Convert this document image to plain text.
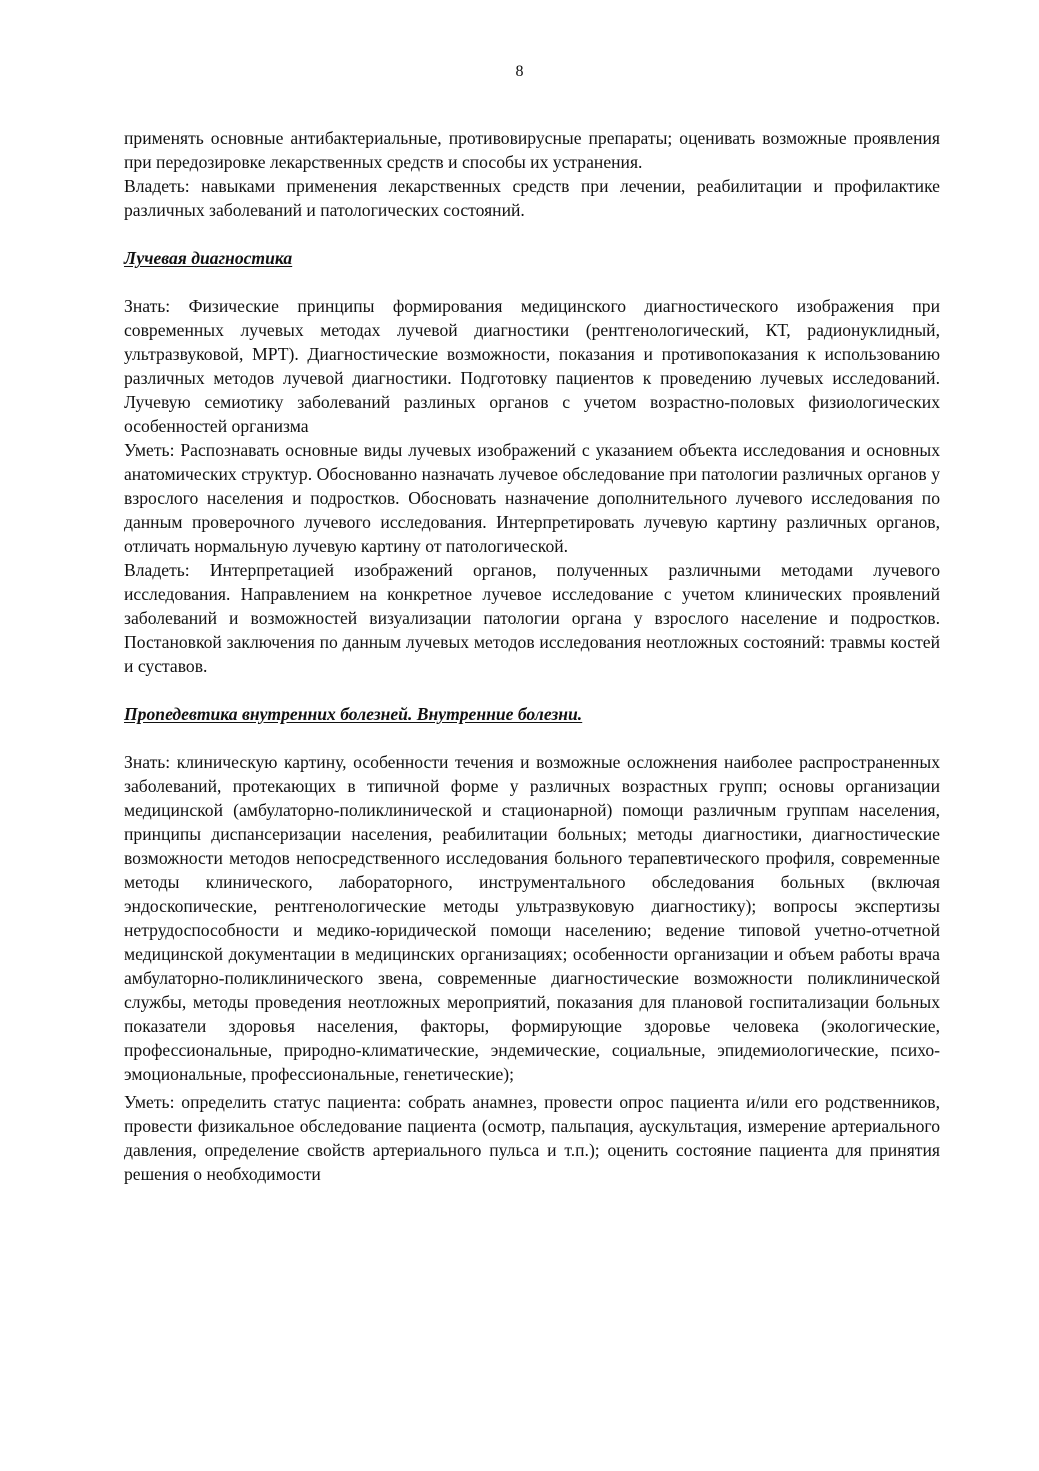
8

применять основные антибактериальные, противовирусные препараты; оценивать возможные проявления при передозировке лекарственных средств и способы их устранения.

Владеть: навыками применения лекарственных средств при лечении, реабилитации и профилактике различных заболеваний и патологических состояний.

Лучевая диагностика

Знать: Физические принципы формирования медицинского диагностического изображения при современных лучевых методах лучевой диагностики (рентгенологический, КТ, радионуклидный, ультразвуковой, МРТ). Диагностические возможности, показания и противопоказания к использованию различных методов лучевой диагностики. Подготовку пациентов к проведению лучевых исследований. Лучевую семиотику заболеваний разлиных органов с учетом возрастно-половых физиологических особенностей организма

Уметь: Распознавать основные виды лучевых изображений с указанием объекта исследования и основных анатомических структур. Обоснованно назначать лучевое обследование при патологии различных органов у взрослого населения и подростков. Обосновать назначение дополнительного лучевого исследования по данным проверочного лучевого исследования. Интерпретировать лучевую картину различных органов, отличать нормальную лучевую картину от патологической.

Владеть: Интерпретацией изображений органов, полученных различными методами лучевого исследования. Направлением на конкретное лучевое исследование с учетом клинических проявлений заболеваний и возможностей визуализации патологии органа у взрослого население и подростков. Постановкой заключения по данным лучевых методов исследования неотложных состояний: травмы костей и суставов.

Пропедевтика внутренних болезней. Внутренние болезни.

Знать: клиническую картину, особенности течения и возможные осложнения наиболее распространенных заболеваний, протекающих в типичной форме у различных возрастных групп; основы организации медицинской (амбулаторно-поликлинической и стационарной) помощи различным группам населения, принципы диспансеризации населения, реабилитации больных; методы диагностики, диагностические возможности методов непосредственного исследования больного терапевтического профиля, современные методы клинического, лабораторного, инструментального обследования больных (включая эндоскопические, рентгенологические методы ультразвуковую диагностику); вопросы экспертизы нетрудоспособности и медико-юридической помощи населению; ведение типовой учетно-отчетной медицинской документации в медицинских организациях; особенности организации и объем работы врача амбулаторно-поликлинического звена, современные диагностические возможности поликлинической службы, методы проведения неотложных мероприятий, показания для плановой госпитализации больных показатели здоровья населения, факторы, формирующие здоровье человека (экологические, профессиональные, природно-климатические, эндемические, социальные, эпидемиологические, психо-эмоциональные, профессиональные, генетические);

Уметь: определить статус пациента: собрать анамнез, провести опрос пациента и/или его родственников, провести физикальное обследование пациента (осмотр, пальпация, аускультация, измерение артериального давления, определение свойств артериального пульса и т.п.); оценить состояние пациента для принятия решения о необходимости
